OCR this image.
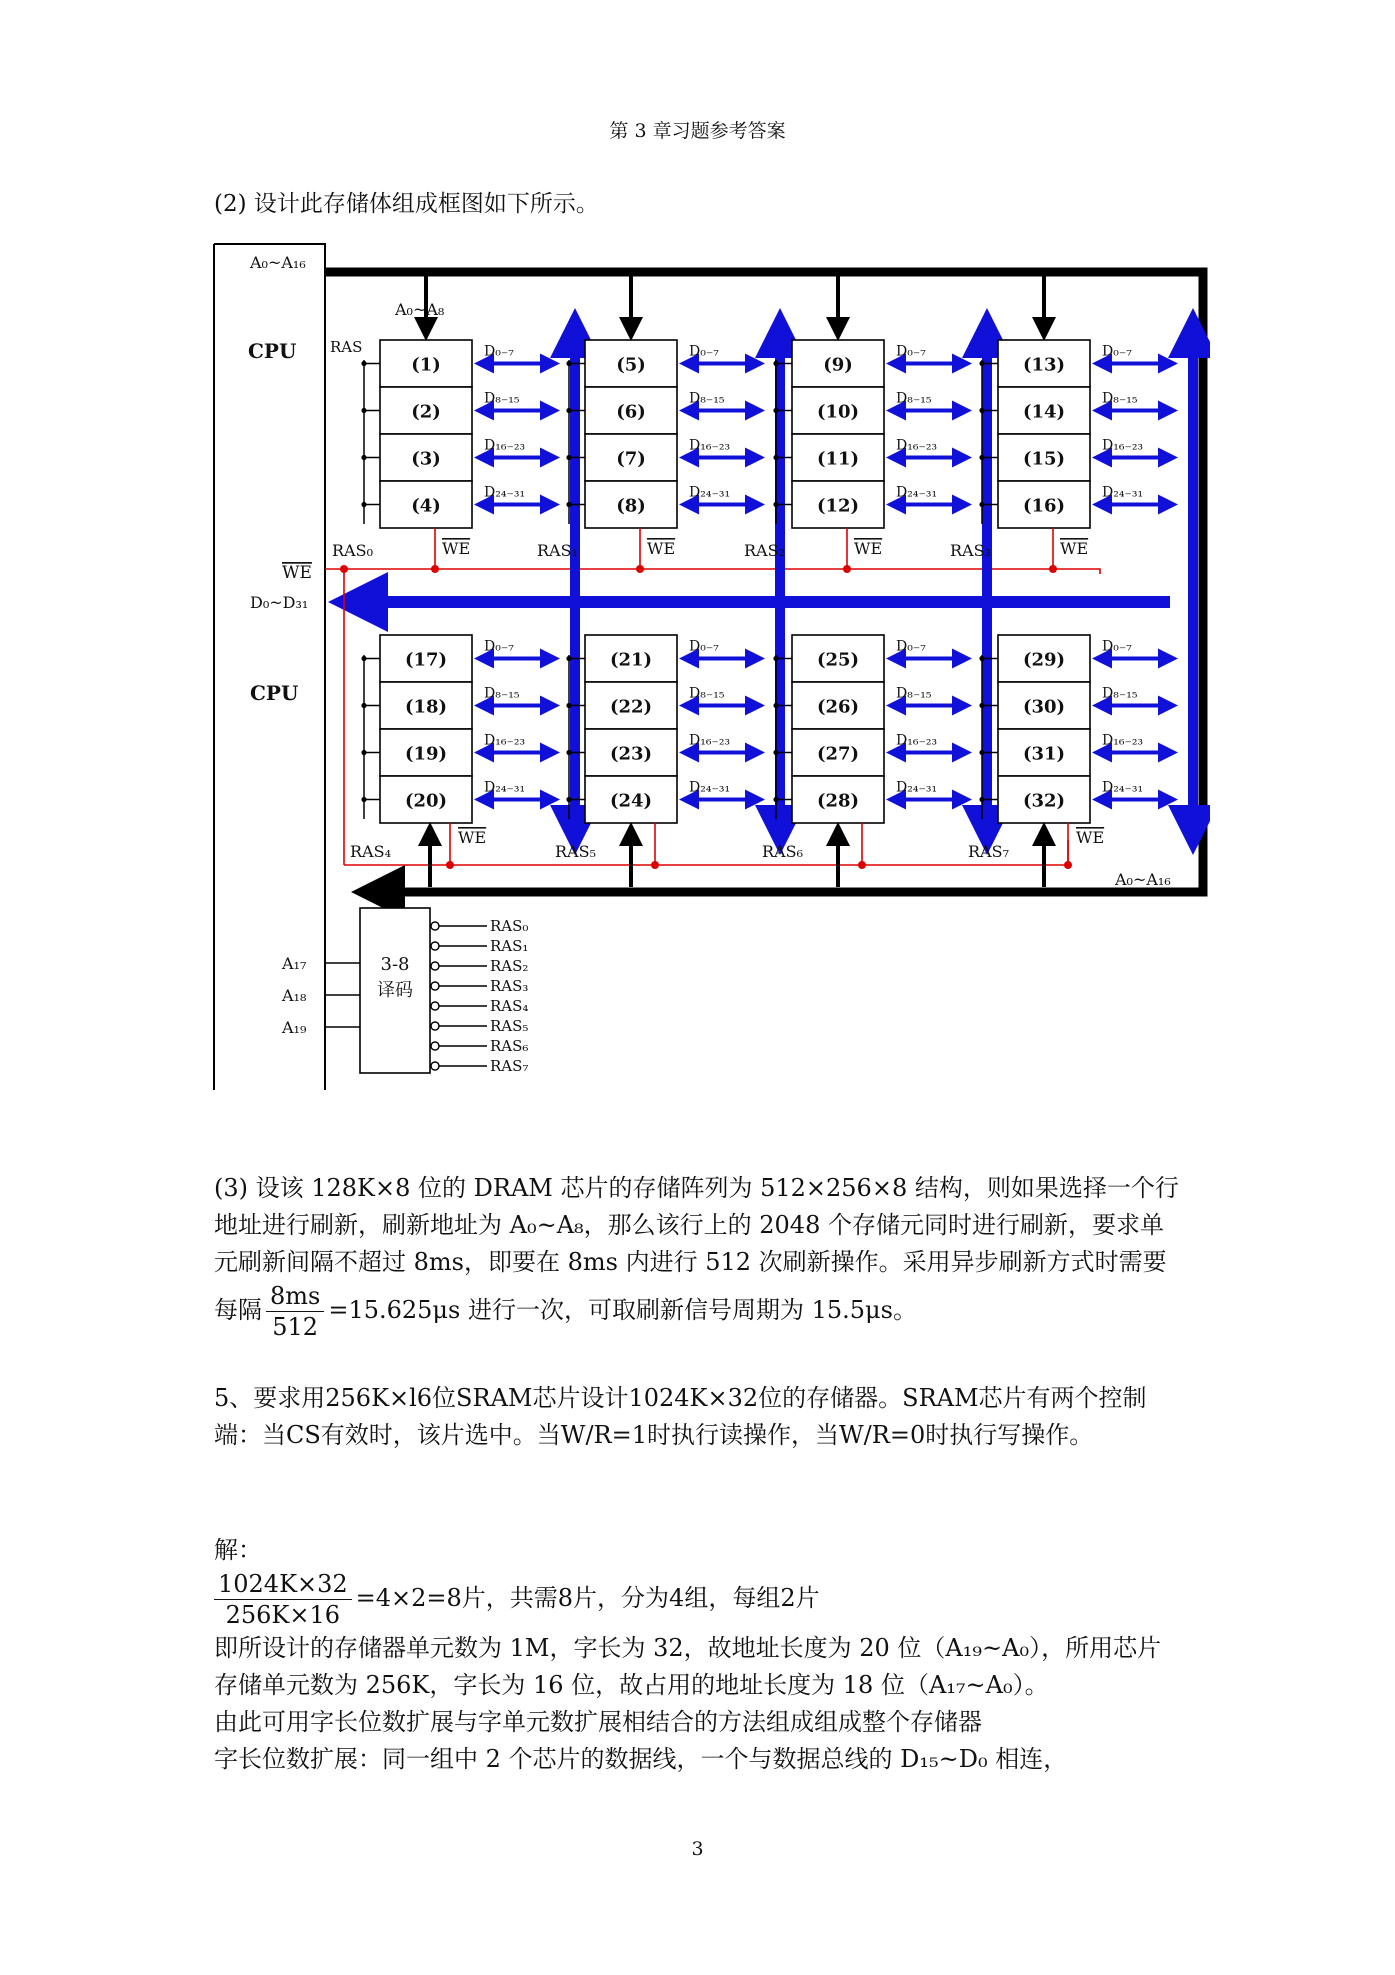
第 3 章习题参考答案
(2) 设计此存储体组成框图如下所示。
A₀~A₁₆
CPU
CPU
A₀~A₈
RAS
WE
D₀~D₃₁
A₀~A₁₆
(1)
D₀₋₇
(2)
D₈₋₁₅
(3)
D₁₆₋₂₃
(4)
D₂₄₋₃₁
RAS₀	WE
(5)
D₀₋₇
(6)
D₈₋₁₅
(7)
D₁₆₋₂₃
(8)
D₂₄₋₃₁
RAS₁	WE
(9)
D₀₋₇
(10)
D₈₋₁₅
(11)
D₁₆₋₂₃
(12)
D₂₄₋₃₁
RAS₂	WE
(13)
D₀₋₇
(14)
D₈₋₁₅
(15)
D₁₆₋₂₃
(16)
D₂₄₋₃₁
RAS₃	WE
(17)
D₀₋₇
(18)
D₈₋₁₅
(19)
D₁₆₋₂₃
(20)
D₂₄₋₃₁
RAS₄
WE
(21)
D₀₋₇
(22)
D₈₋₁₅
(23)
D₁₆₋₂₃
(24)
D₂₄₋₃₁
RAS₅
(25)
D₀₋₇
(26)
D₈₋₁₅
(27)
D₁₆₋₂₃
(28)
D₂₄₋₃₁
RAS₆
(29)
D₀₋₇
(30)
D₈₋₁₅
(31)
D₁₆₋₂₃
(32)
D₂₄₋₃₁
RAS₇
WE
3-8
译码
A₁₇
A₁₈
A₁₉
RAS₀
RAS₁
RAS₂
RAS₃
RAS₄
RAS₅
RAS₆
RAS₇

(3) 设该 128K×8 位的 DRAM 芯片的存储阵列为 512×256×8 结构，则如果选择一个行地址进行刷新，刷新地址为 A₀~A₈，那么该行上的 2048 个存储元同时进行刷新，要求单元刷新间隔不超过 8ms，即要在 8ms 内进行 512 次刷新操作。采用异步刷新方式时需要每隔 $\frac{8ms}{512} =15.625\mu s$ 进行一次，可取刷新信号周期为 15.5μs。

5、要求用256K×l6位SRAM芯片设计1024K×32位的存储器。SRAM芯片有两个控制端：当CS有效时，该片选中。当W/R=1时执行读操作，当W/R=0时执行写操作。

解：

$\frac{1024K\times 32}{256K\times 16} =4\times 2=8$片，共需8片，分为4组，每组2片

即所设计的存储器单元数为 1M，字长为 32，故地址长度为 20 位（A₁₉~A₀），所用芯片存储单元数为 256K，字长为 16 位，故占用的地址长度为 18 位（A₁₇~A₀）。

由此可用字长位数扩展与字单元数扩展相结合的方法组成组成整个存储器

字长位数扩展：同一组中 2 个芯片的数据线，一个与数据总线的 D₁₅~D₀ 相连，

3
